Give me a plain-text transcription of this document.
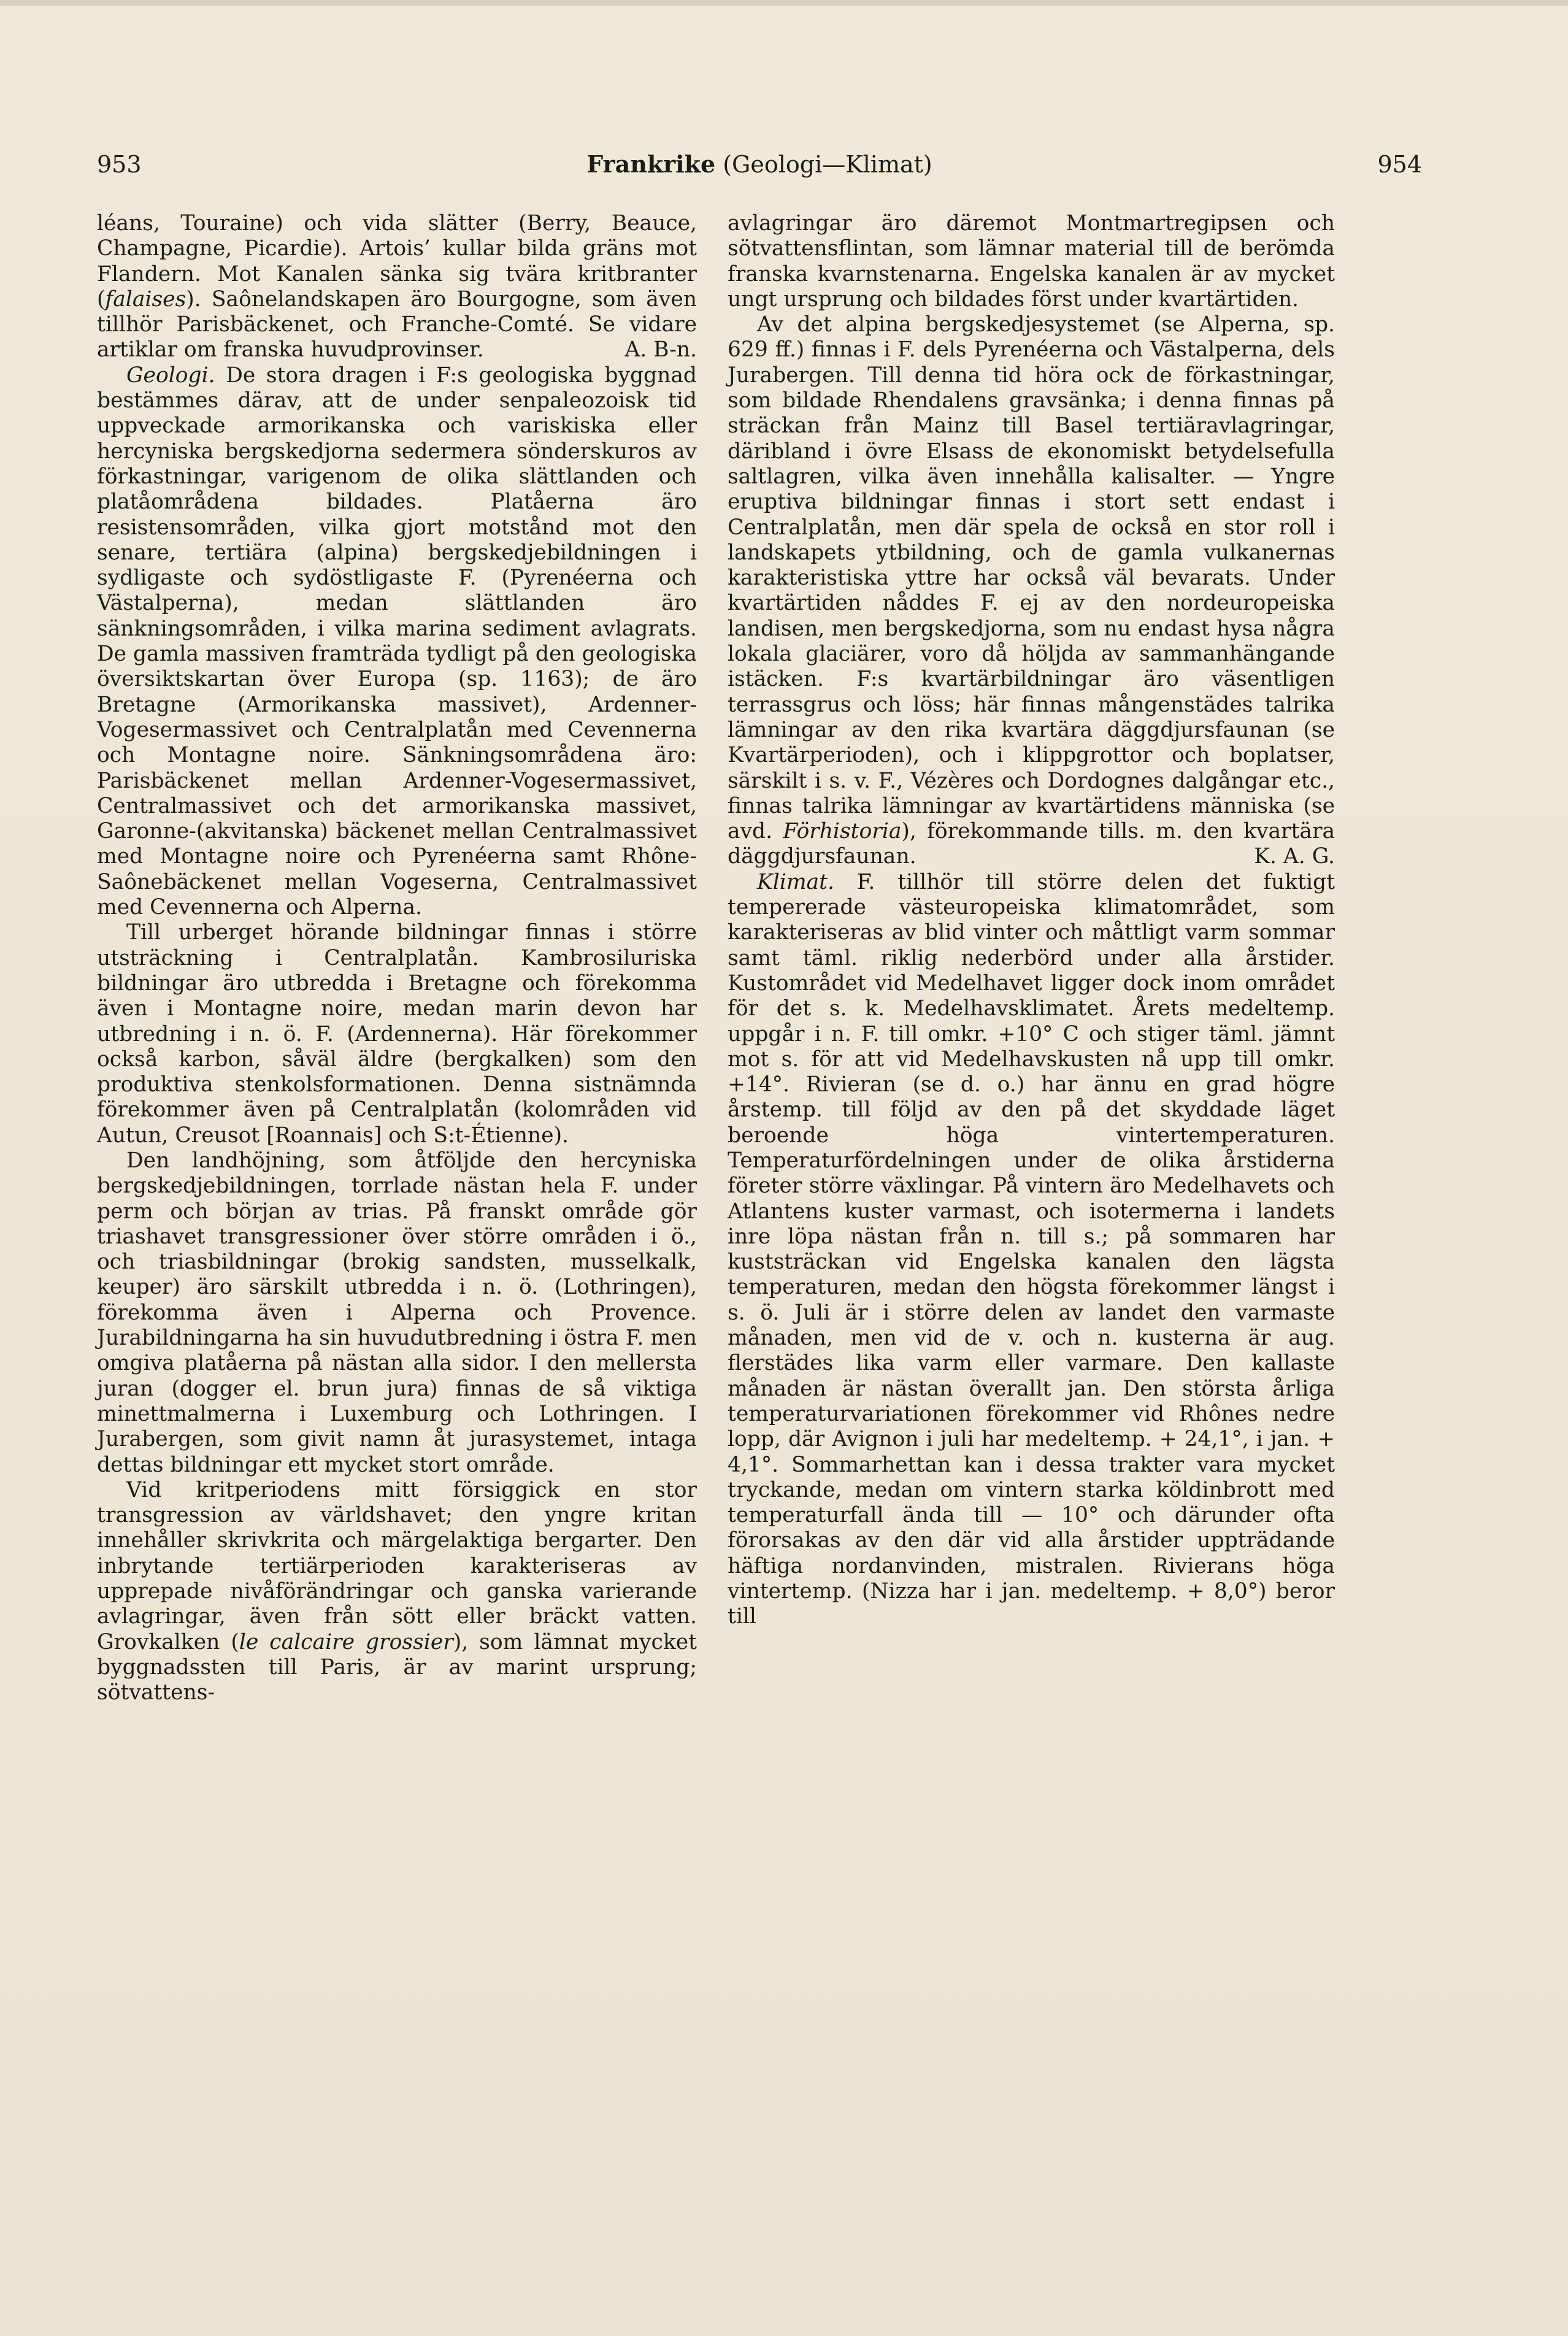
953	Frankrike (Geologi—Klimat)	954

léans, Touraine) och vida slätter (Berry, Beauce, Champagne, Picardie). Artois’ kullar bilda gräns mot Flandern. Mot Kanalen sänka sig tvära kritbranter (falaises). Saônelandskapen äro Bourgogne, som även tillhör Parisbäckenet, och Franche-Comté. Se vidare artiklar om franska huvudprovinser.	A. B-n.

Geologi. De stora dragen i F:s geologiska byggnad bestämmes därav, att de under senpaleozoisk tid uppveckade armorikanska och variskiska eller hercyniska bergskedjorna sedermera sönderskuros av förkastningar, varigenom de olika slättlanden och platåområdena bildades. Platåerna äro resistensområden, vilka gjort motstånd mot den senare, tertiära (alpina) bergskedjebildningen i sydligaste och sydöstligaste F. (Pyrenéerna och Västalperna), medan slättlanden äro sänkningsområden, i vilka marina sediment avlagrats. De gamla massiven framträda tydligt på den geologiska översiktskartan över Europa (sp. 1163); de äro Bretagne (Armorikanska massivet), Ardenner-Vogesermassivet och Centralplatån med Cevennerna och Montagne noire. Sänkningsområdena äro: Parisbäckenet mellan Ardenner-Vogesermassivet, Centralmassivet och det armorikanska massivet, Garonne-(akvitanska) bäckenet mellan Centralmassivet med Montagne noire och Pyrenéerna samt Rhône-Saônebäckenet mellan Vogeserna, Centralmassivet med Cevennerna och Alperna.

Till urberget hörande bildningar finnas i större utsträckning i Centralplatån. Kambrosiluriska bildningar äro utbredda i Bretagne och förekomma även i Montagne noire, medan marin devon har utbredning i n. ö. F. (Ardennerna). Här förekommer också karbon, såväl äldre (bergkalken) som den produktiva stenkolsformationen. Denna sistnämnda förekommer även på Centralplatån (kolområden vid Autun, Creusot [Roannais] och S:t-Étienne).

Den landhöjning, som åtföljde den hercyniska bergskedjebildningen, torrlade nästan hela F. under perm och början av trias. På franskt område gör triashavet transgressioner över större områden i ö., och triasbildningar (brokig sandsten, musselkalk, keuper) äro särskilt utbredda i n. ö. (Lothringen), förekomma även i Alperna och Provence. Jurabildningarna ha sin huvudutbredning i östra F. men omgiva platåerna på nästan alla sidor. I den mellersta juran (dogger el. brun jura) finnas de så viktiga minettmalmerna i Luxemburg och Lothringen. I Jurabergen, som givit namn åt jurasystemet, intaga dettas bildningar ett mycket stort område.

Vid kritperiodens mitt försiggick en stor transgression av världshavet; den yngre kritan innehåller skrivkrita och märgelaktiga bergarter. Den inbrytande tertiärperioden karakteriseras av upprepade nivåförändringar och ganska varierande avlagringar, även från sött eller bräckt vatten. Grovkalken (le calcaire grossier), som lämnat mycket byggnadssten till Paris, är av marint ursprung; sötvattens-

avlagringar äro däremot Montmartregipsen och sötvattensflintan, som lämnar material till de berömda franska kvarnstenarna. Engelska kanalen är av mycket ungt ursprung och bildades först under kvartärtiden.

Av det alpina bergskedjesystemet (se Alperna, sp. 629 ff.) finnas i F. dels Pyrenéerna och Västalperna, dels Jurabergen. Till denna tid höra ock de förkastningar, som bildade Rhendalens gravsänka; i denna finnas på sträckan från Mainz till Basel tertiäravlagringar, däribland i övre Elsass de ekonomiskt betydelsefulla saltlagren, vilka även innehålla kalisalter. — Yngre eruptiva bildningar finnas i stort sett endast i Centralplatån, men där spela de också en stor roll i landskapets ytbildning, och de gamla vulkanernas karakteristiska yttre har också väl bevarats. Under kvartärtiden nåddes F. ej av den nordeuropeiska landisen, men bergskedjorna, som nu endast hysa några lokala glaciärer, voro då höljda av sammanhängande istäcken. F:s kvartärbildningar äro väsentligen terrassgrus och löss; här finnas mångenstädes talrika lämningar av den rika kvartära däggdjursfaunan (se Kvartärperioden), och i klippgrottor och boplatser, särskilt i s. v. F., Vézères och Dordognes dalgångar etc., finnas talrika lämningar av kvartärtidens människa (se avd. Förhistoria), förekommande tills. m. den kvartära däggdjursfaunan.	K. A. G.

Klimat. F. tillhör till större delen det fuktigt tempererade västeuropeiska klimatområdet, som karakteriseras av blid vinter och måttligt varm sommar samt täml. riklig nederbörd under alla årstider. Kustområdet vid Medelhavet ligger dock inom området för det s. k. Medelhavsklimatet. Årets medeltemp. uppgår i n. F. till omkr. +10° C och stiger täml. jämnt mot s. för att vid Medelhavskusten nå upp till omkr. +14°. Rivieran (se d. o.) har ännu en grad högre årstemp. till följd av den på det skyddade läget beroende höga vintertemperaturen. Temperaturfördelningen under de olika årstiderna företer större växlingar. På vintern äro Medelhavets och Atlantens kuster varmast, och isotermerna i landets inre löpa nästan från n. till s.; på sommaren har kuststräckan vid Engelska kanalen den lägsta temperaturen, medan den högsta förekommer längst i s. ö. Juli är i större delen av landet den varmaste månaden, men vid de v. och n. kusterna är aug. flerstädes lika varm eller varmare. Den kallaste månaden är nästan överallt jan. Den största årliga temperaturvariationen förekommer vid Rhônes nedre lopp, där Avignon i juli har medeltemp. + 24,1°, i jan. + 4,1°. Sommarhettan kan i dessa trakter vara mycket tryckande, medan om vintern starka köldinbrott med temperaturfall ända till — 10° och därunder ofta förorsakas av den där vid alla årstider uppträdande häftiga nordanvinden, mistralen. Rivierans höga vintertemp. (Nizza har i jan. medeltemp. + 8,0°) beror till
